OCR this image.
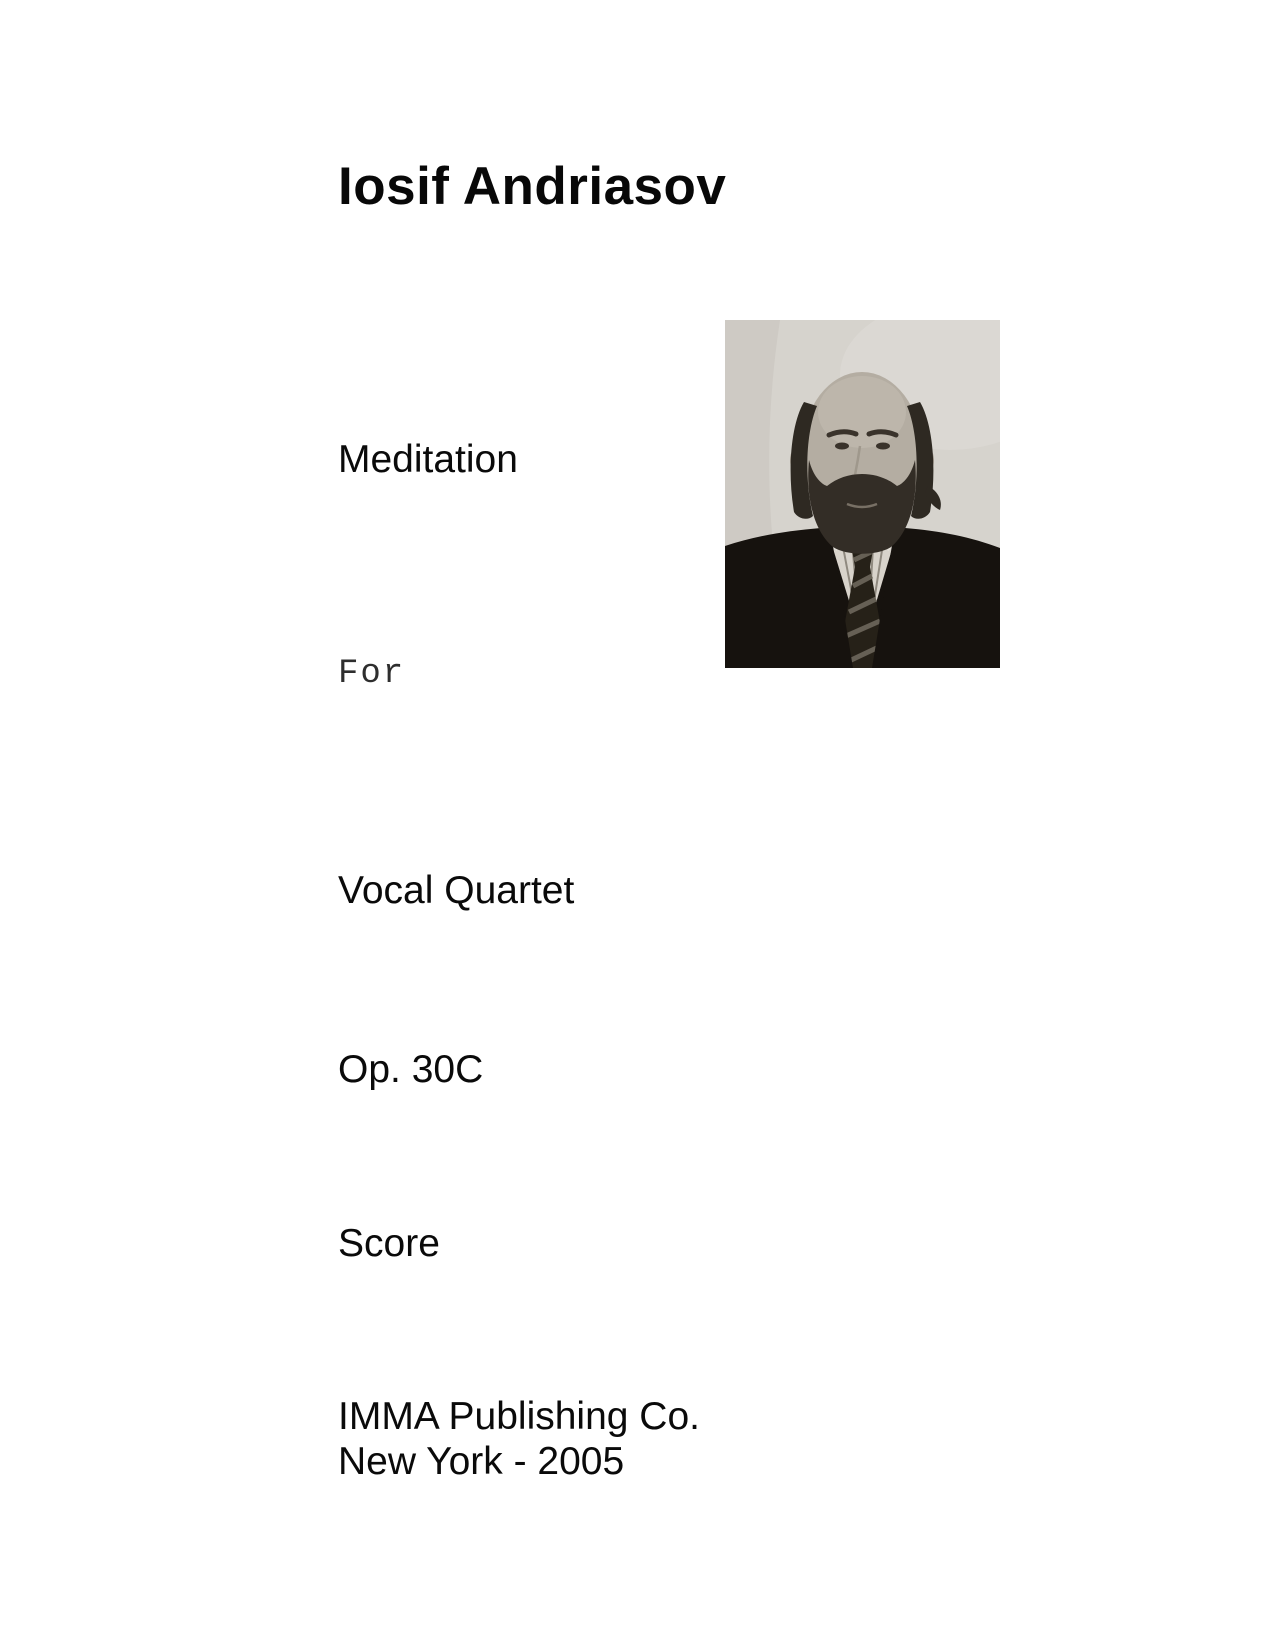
Iosif Andriasov

Meditation

For

Vocal Quartet

Op. 30C

Score

IMMA Publishing Co.
New York - 2005
